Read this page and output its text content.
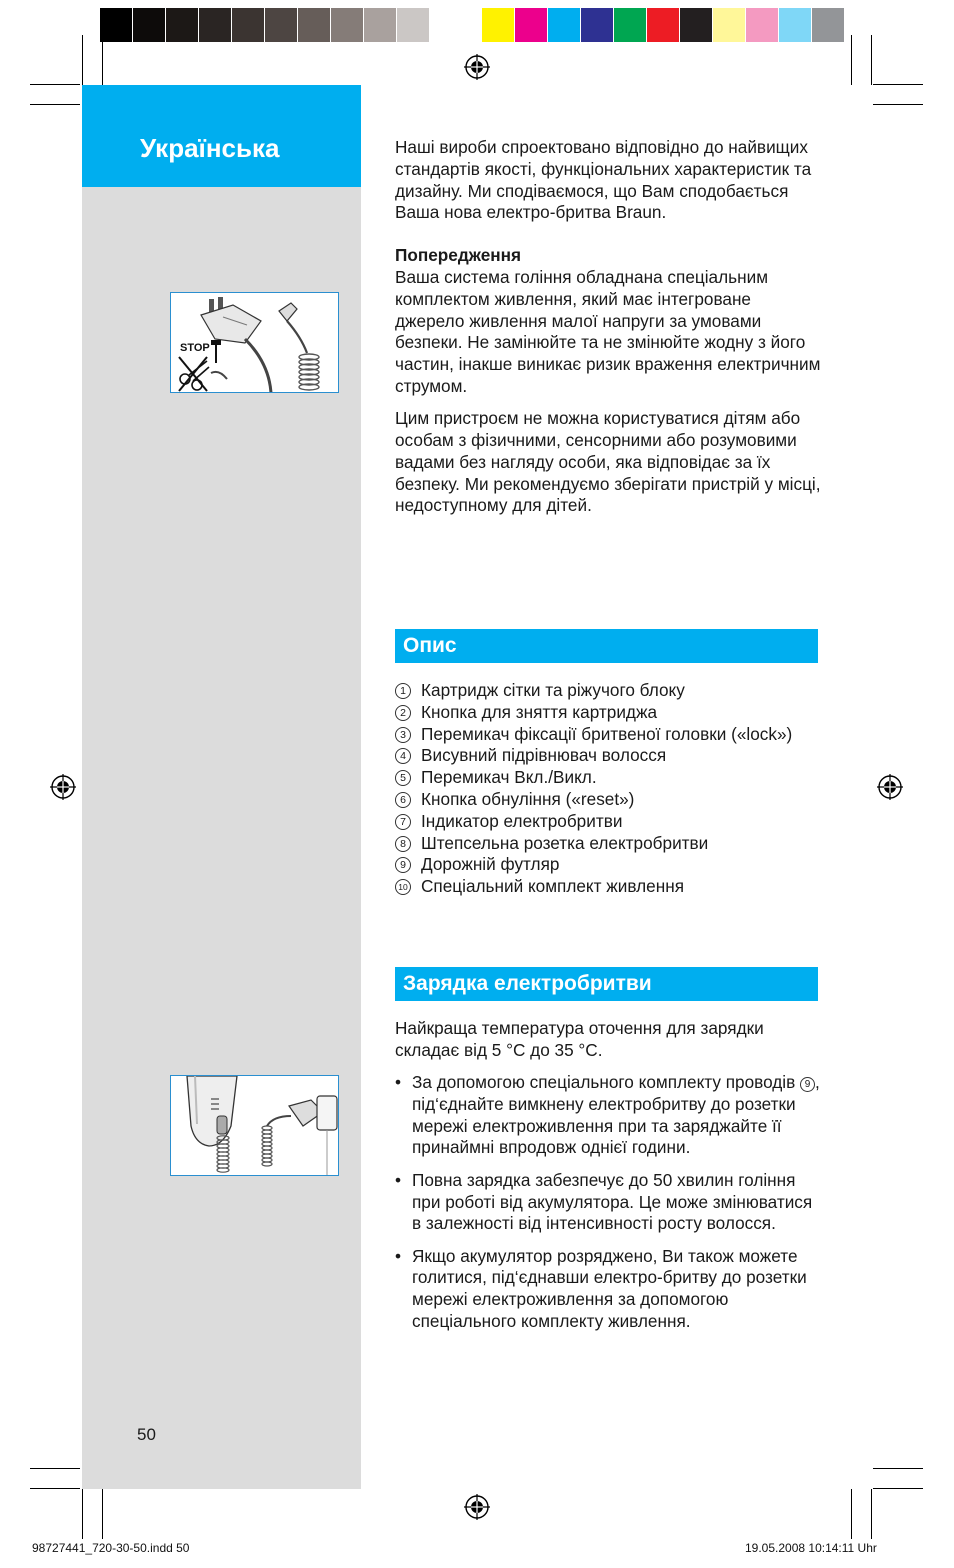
Українська
STOP

Наші вироби спроектовано відповідно до найвищих стандартів якості, функціональних характеристик та дизайну. Ми сподіваємося, що Вам сподобається Ваша нова електро-бритва Braun.

Попередження

Ваша система гоління обладнана спеціальним комплектом живлення, який має інтегроване джерело живлення малої напруги за умовами безпеки. Не замінюйте та не змінюйте жодну з його частин, інакше виникає ризик враження електричним струмом.

Цим пристроєм не можна користуватися дітям або особам з фізичними, сенсорними або розумовими вадами без нагляду особи, яка відповідає за їх безпеку. Ми рекомендуємо зберігати пристрій у місці, недоступному для дітей.

Опис
1 Картридж сітки та ріжучого блоку
2 Кнопка для зняття картриджа
3 Перемикач фіксації бритвеної головки («lock»)
4 Висувний підрівнювач волосся
5 Перемикач Вкл./Викл.
6 Кнопка обнуління («reset»)
7 Індикатор електробритви
8 Штепсельна розетка електробритви
9 Дорожній футляр
10 Спеціальний комплект живлення
Зарядка електробритви

Найкраща температура оточення для зарядки складає від 5 °C до 35 °C.

• За допомогою спеціального комплекту проводів 9 , під‘єднайте вимкнену електробритву до розетки мережі електроживлення при та заряджайте її принаймні впродовж однієї години.
• Повна зарядка забезпечує до 50 хвилин гоління при роботі від акумулятора. Це може змінюватися в залежності від інтенсивності росту волосся.
• Якщо акумулятор розряджено, Ви також можете голитися, під‘єднавши електро-бритву до розетки мережі електроживлення за допомогою спеціального комплекту живлення.
50
98727441_720-30-50.indd 50	19.05.2008 10:14:11 Uhr
